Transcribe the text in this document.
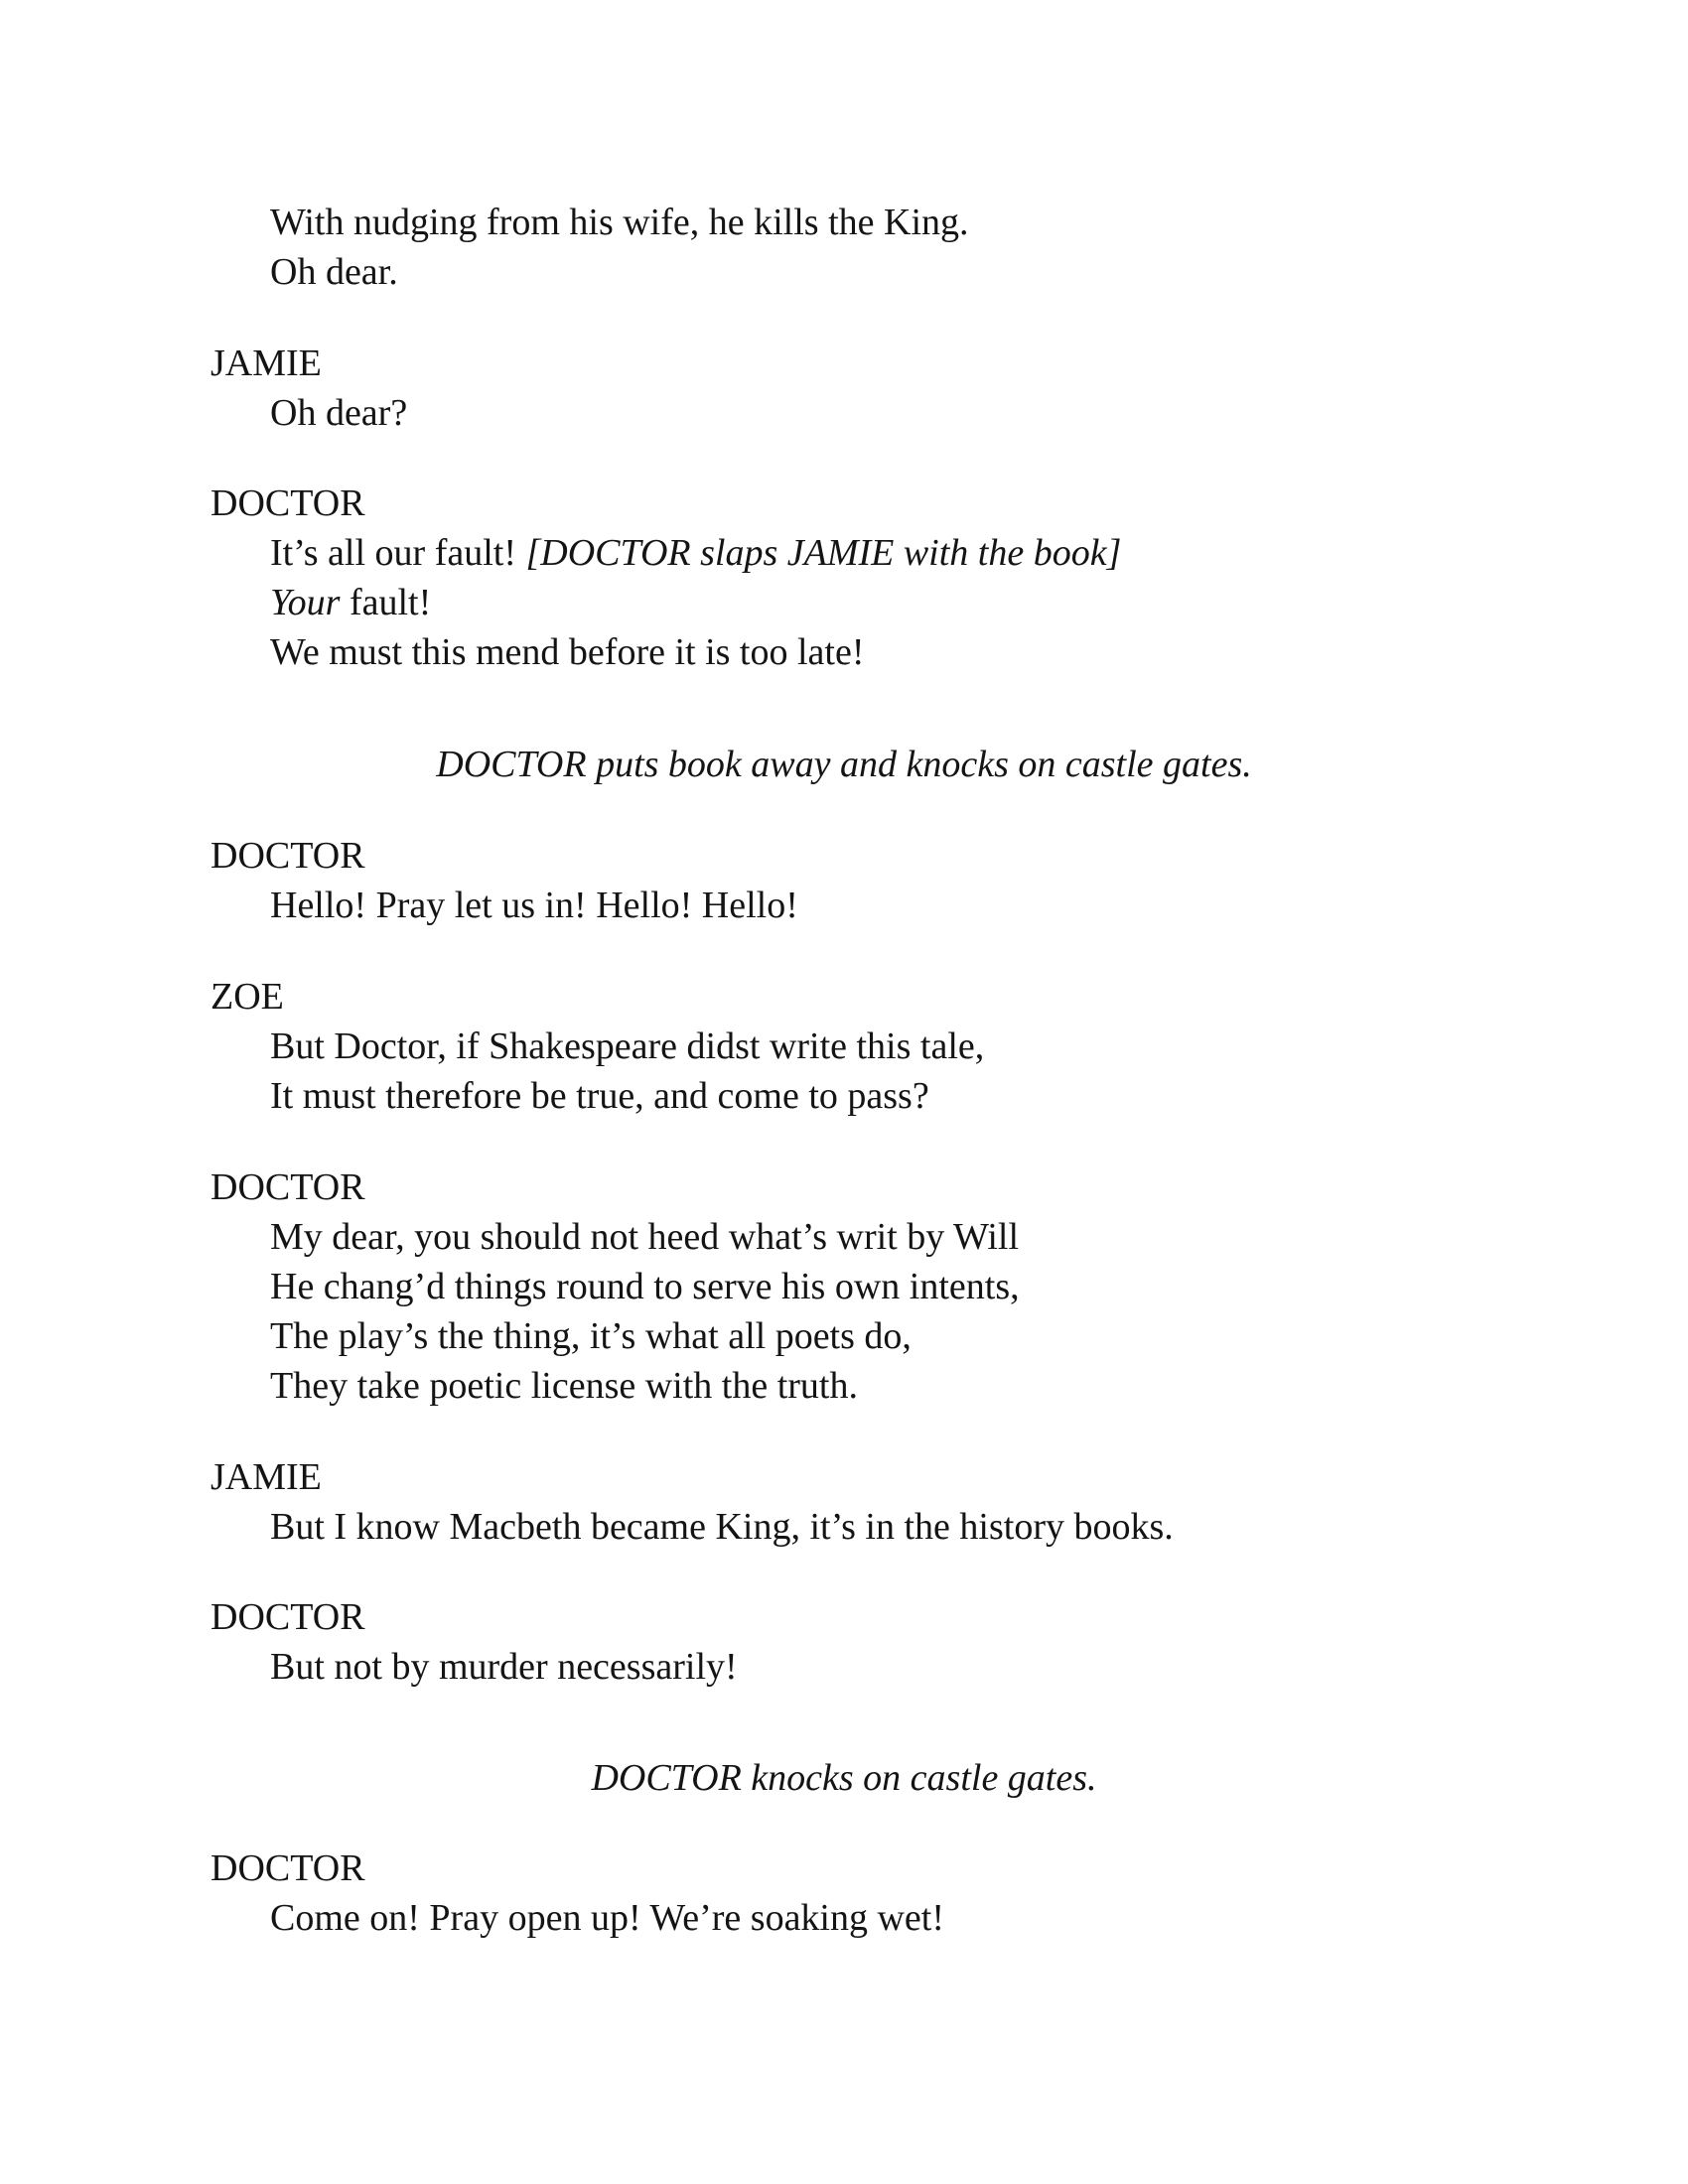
With nudging from his wife, he kills the King.
Oh dear.
JAMIE
Oh dear?
DOCTOR
It’s all our fault! [DOCTOR slaps JAMIE with the book]
Your fault!
We must this mend before it is too late!
DOCTOR puts book away and knocks on castle gates.
DOCTOR
Hello! Pray let us in! Hello! Hello!
ZOE
But Doctor, if Shakespeare didst write this tale,
It must therefore be true, and come to pass?
DOCTOR
My dear, you should not heed what’s writ by Will
He chang’d things round to serve his own intents,
The play’s the thing, it’s what all poets do,
They take poetic license with the truth.
JAMIE
But I know Macbeth became King, it’s in the history books.
DOCTOR
But not by murder necessarily!
DOCTOR knocks on castle gates.
DOCTOR
Come on! Pray open up! We’re soaking wet!
